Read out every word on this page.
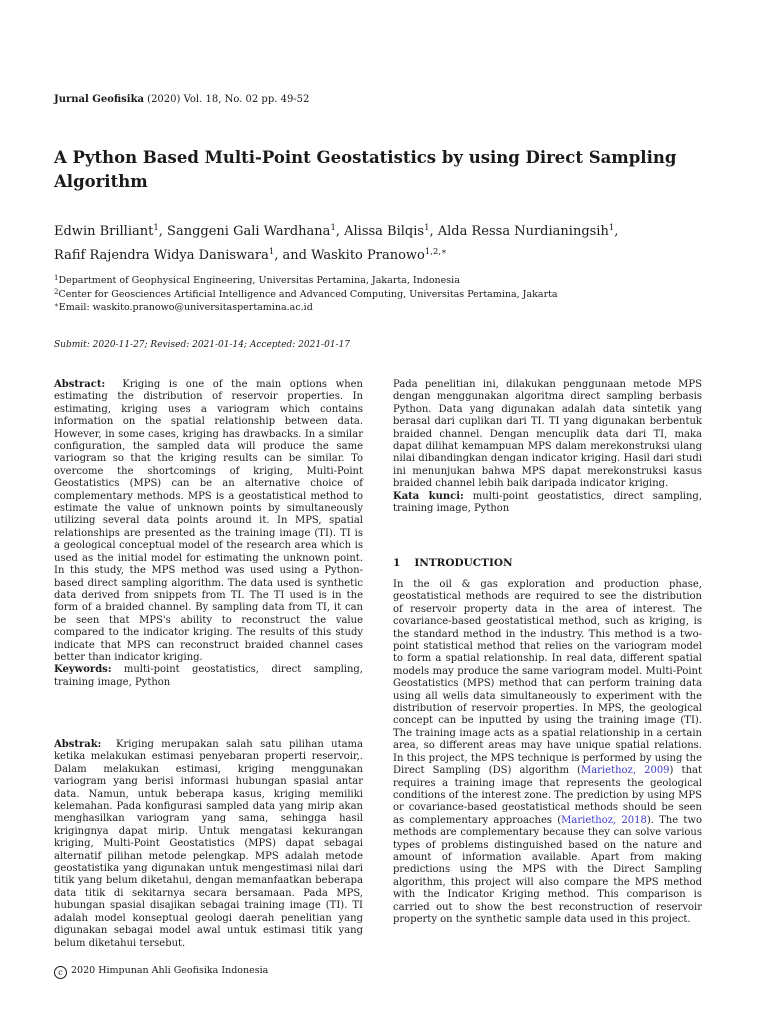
Jurnal Geofisika (2020) Vol. 18, No. 02 pp. 49-52
A Python Based Multi-Point Geostatistics by using Direct Sampling Algorithm
Edwin Brilliant$^1$, Sanggeni Gali Wardhana$^1$, Alissa Bilqis$^1$, Alda Ressa Nurdianingsih$^1$,
Rafif Rajendra Widya Daniswara$^1$, and Waskito Pranowo$^{1,2,∗}$
$^1$Department of Geophysical Engineering, Universitas Pertamina, Jakarta, Indonesia
$^2$Center for Geosciences Artificial Intelligence and Advanced Computing, Universitas Pertamina, Jakarta
∗Email: waskito.pranowo@universitaspertamina.ac.id
Submit: 2020-11-27; Revised: 2021-01-14; Accepted: 2021-01-17

Abstract: Kriging is one of the main options when estimating the distribution of reservoir properties. In estimating, kriging uses a variogram which contains information on the spatial relationship between data. However, in some cases, kriging has drawbacks. In a similar configuration, the sampled data will produce the same variogram so that the kriging results can be similar. To overcome the shortcomings of kriging, Multi-Point Geostatistics (MPS) can be an alternative choice of complementary methods. MPS is a geostatistical method to estimate the value of unknown points by simultaneously utilizing several data points around it. In MPS, spatial relationships are presented as the training image (TI). TI is a geological conceptual model of the research area which is used as the initial model for estimating the unknown point. In this study, the MPS method was used using a Python-based direct sampling algorithm. The data used is synthetic data derived from snippets from TI. The TI used is in the form of a braided channel. By sampling data from TI, it can be seen that MPS's ability to reconstruct the value compared to the indicator kriging. The results of this study indicate that MPS can reconstruct braided channel cases better than indicator kriging.

Keywords: multi-point geostatistics, direct sampling, training image, Python

Abstrak: Kriging merupakan salah satu pilihan utama ketika melakukan estimasi penyebaran properti reservoir,. Dalam melakukan estimasi, kriging menggunakan variogram yang berisi informasi hubungan spasial antar data. Namun, untuk beberapa kasus, kriging memiliki kelemahan. Pada konfigurasi sampled data yang mirip akan menghasilkan variogram yang sama, sehingga hasil krigingnya dapat mirip. Untuk mengatasi kekurangan kriging, Multi-Point Geostatistics (MPS) dapat sebagai alternatif pilihan metode pelengkap. MPS adalah metode geostatistika yang digunakan untuk mengestimasi nilai dari titik yang belum diketahui, dengan memanfaatkan beberapa data titik di sekitarnya secara bersamaan. Pada MPS, hubungan spasial disajikan sebagai training image (TI). TI adalah model konseptual geologi daerah penelitian yang digunakan sebagai model awal untuk estimasi titik yang belum diketahui tersebut.

Pada penelitian ini, dilakukan penggunaan metode MPS dengan menggunakan algoritma direct sampling berbasis Python. Data yang digunakan adalah data sintetik yang berasal dari cuplikan dari TI. TI yang digunakan berbentuk braided channel. Dengan mencuplik data dari TI, maka dapat dilihat kemampuan MPS dalam merekonstruksi ulang nilai dibandingkan dengan indicator kriging. Hasil dari studi ini menunjukan bahwa MPS dapat merekonstruksi kasus braided channel lebih baik daripada indicator kriging.

Kata kunci: multi-point geostatistics, direct sampling, training image, Python

1 INTRODUCTION

In the oil & gas exploration and production phase, geostatistical methods are required to see the distribution of reservoir property data in the area of interest. The covariance-based geostatistical method, such as kriging, is the standard method in the industry. This method is a two-point statistical method that relies on the variogram model to form a spatial relationship. In real data, different spatial models may produce the same variogram model. Multi-Point Geostatistics (MPS) method that can perform training data using all wells data simultaneously to experiment with the distribution of reservoir properties. In MPS, the geological concept can be inputted by using the training image (TI). The training image acts as a spatial relationship in a certain area, so different areas may have unique spatial relations. In this project, the MPS technique is performed by using the Direct Sampling (DS) algorithm (Mariethoz, 2009) that requires a training image that represents the geological conditions of the interest zone. The prediction by using MPS or covariance-based geostatistical methods should be seen as complementary approaches (Mariethoz, 2018). The two methods are complementary because they can solve various types of problems distinguished based on the nature and amount of information available. Apart from making predictions using the MPS with the Direct Sampling algorithm, this project will also compare the MPS method with the Indicator Kriging method. This comparison is carried out to show the best reconstruction of reservoir property on the synthetic sample data used in this project.

c 2020 Himpunan Ahli Geofisika Indonesia
